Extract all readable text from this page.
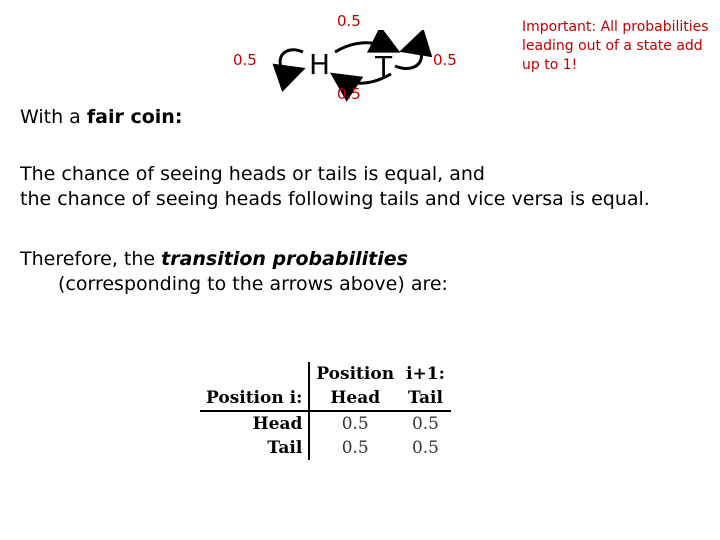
H T
0.5
0.5	0.5
0.5
Important: All probabilities leading out of a state add up to 1!
With a fair coin:
The chance of seeing heads or tails is equal, and
the chance of seeing heads following tails and vice versa is equal.
Therefore, the transition probabilities
(corresponding to the arrows above) are:
	Position	i+1:
Position i:	Head	Tail
Head	0.5	0.5
Tail	0.5	0.5
